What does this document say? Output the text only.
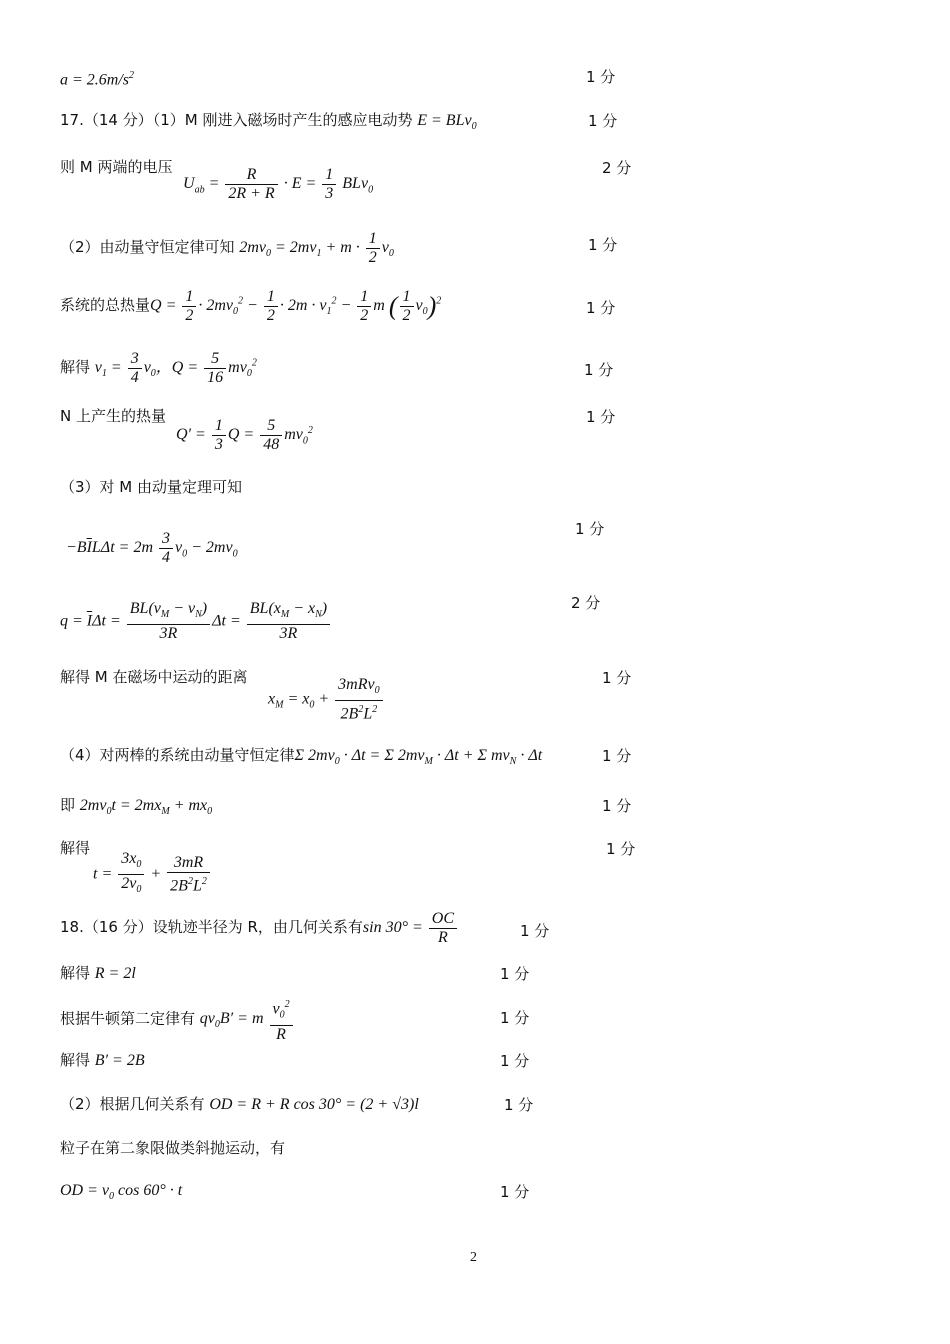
$a = 2.6m/s^2$	1 分
17.（14 分）（1）M 刚进入磁场时产生的感应电动势 E = BLv$_0$	1 分
则 M 两端的电压
$U_{ab} = \frac{R}{2R + R} \cdot E = \frac{1}{3} BLv_0$
2 分
（2）由动量守恒定律可知 $2mv_0 = 2mv_1 + m \cdot \frac{1}{2} v_0$	1 分
系统的总热量$Q = \frac{1}{2} \cdot 2mv_0^2 - \frac{1}{2} \cdot 2m \cdot v_1^2 - \frac{1}{2}$ m ( $\frac{1}{2} v_0)^2$	1 分
解得 $v_1 = \frac{3}{4} v_0$，$Q = \frac{5}{16} mv_0^2$	1 分
N 上产生的热量
$Q' = \frac{1}{3}$ $Q = \frac{5}{48} mv_0^2$
1 分
（3）对 M 由动量定理可知
$-B\overline{I}L\Delta t = 2m \frac{3}{4} v_0 - 2mv_0$
1 分
$q = \overline{I}\Delta t = \frac{BL(v_M - v_N)}{3R}$ $\Delta t = \frac{BL(x_M - x_N)}{3R}$	2 分
解得 M 在磁场中运动的距离
$x_M = x_0 + \frac{3mRv_0}{2B^2L^2}$	1 分
（4）对两棒的系统由动量守恒定律Σ $2mv_0 \cdot \Delta t = \Sigma$ $2mv_M \cdot \Delta t + \Sigma$ $mv_N \cdot \Delta t$	1 分
即 $2mv_0t = 2mx_M + mx_0$	1 分
解得
$t = \frac{3x_0}{2v_0} + \frac{3mR}{2B^2L^2}$
1 分
18.（16 分）设轨迹半径为 R，由几何关系有$\sin 30^\circ = \frac{OC}{R}$	1 分
解得 R = 2l	1 分
根据牛顿第二定律有 $qv_0B' = m \frac{v_0^2}{R}$	1 分
解得 B′ = 2B	1 分
（2）根据几何关系有 OD = R + R cos 30° = (2 + √3)l	1 分
粒子在第二象限做类斜抛运动，有
OD = $v_0$ cos 60° · t	1 分
2
